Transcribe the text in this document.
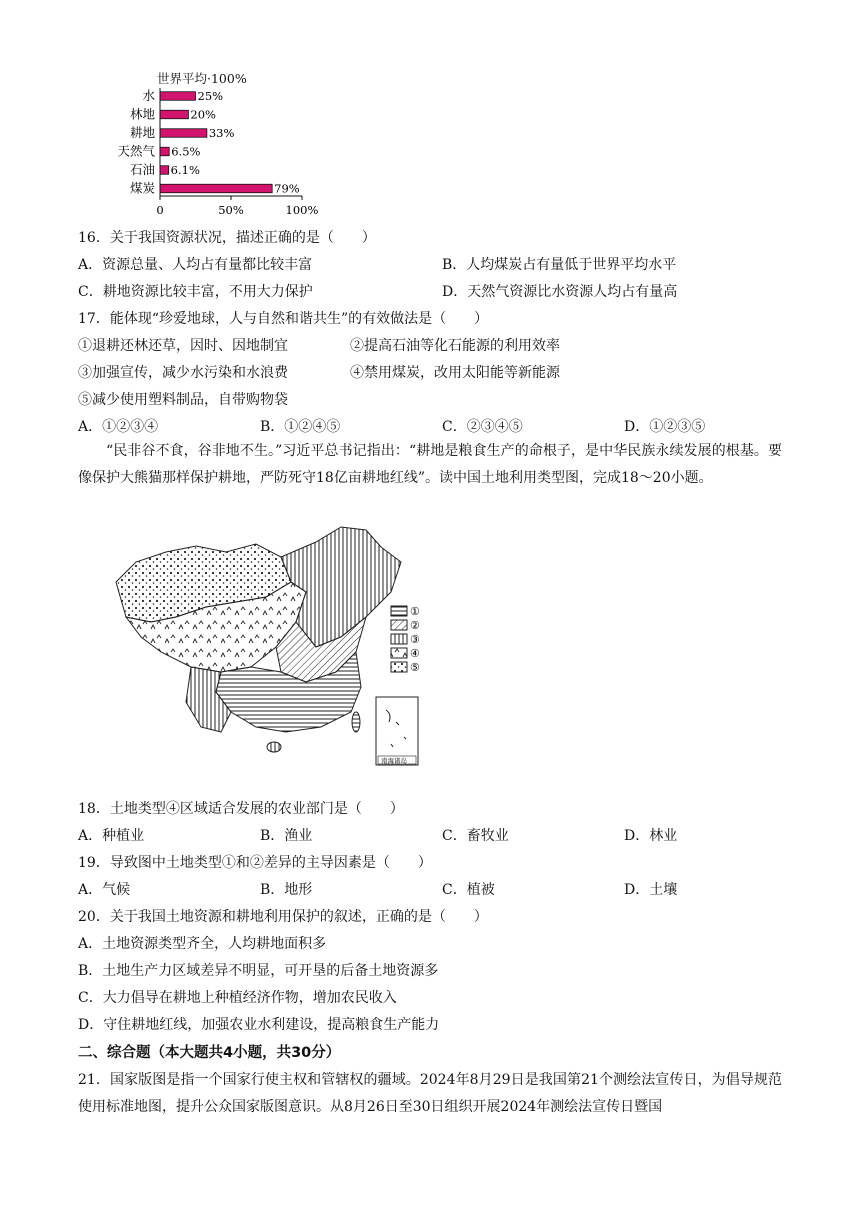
世界平均·100%
水	25%
林地	20%
耕地	33%
天然气 6.5%
石油 6.1%
煤炭	79%
0	50%	100%
16．关于我国资源状况，描述正确的是（　　）
A．资源总量、人均占有量都比较丰富	B．人均煤炭占有量低于世界平均水平
C．耕地资源比较丰富，不用大力保护	D．天然气资源比水资源人均占有量高
17．能体现“珍爱地球，人与自然和谐共生”的有效做法是（　　）
①退耕还林还草，因时、因地制宜	②提高石油等化石能源的利用效率
③加强宣传，减少水污染和水浪费	④禁用煤炭，改用太阳能等新能源
⑤减少使用塑料制品，自带购物袋
A．①②③④	B．①②④⑤	C．②③④⑤	D．①②③⑤
“民非谷不食，谷非地不生。”习近平总书记指出：“耕地是粮食生产的命根子，是中华民族永续发展的根基。要像保护大熊猫那样保护耕地，严防死守18亿亩耕地红线”。读中国土地利用类型图，完成18～20小题。
①
②
③
④
⑤
南海诸岛
18．土地类型④区域适合发展的农业部门是（　　）
A．种植业	B．渔业	C．畜牧业	D．林业
19．导致图中土地类型①和②差异的主导因素是（　　）
A．气候	B．地形	C．植被	D．土壤
20．关于我国土地资源和耕地利用保护的叙述，正确的是（　　）
A．土地资源类型齐全，人均耕地面积多
B．土地生产力区域差异不明显，可开垦的后备土地资源多
C．大力倡导在耕地上种植经济作物，增加农民收入
D．守住耕地红线，加强农业水利建设，提高粮食生产能力
二、综合题（本大题共4小题，共30分）
21．国家版图是指一个国家行使主权和管辖权的疆域。2024年8月29日是我国第21个测绘法宣传日，为倡导规范使用标准地图，提升公众国家版图意识。从8月26日至30日组织开展2024年测绘法宣传日暨国
